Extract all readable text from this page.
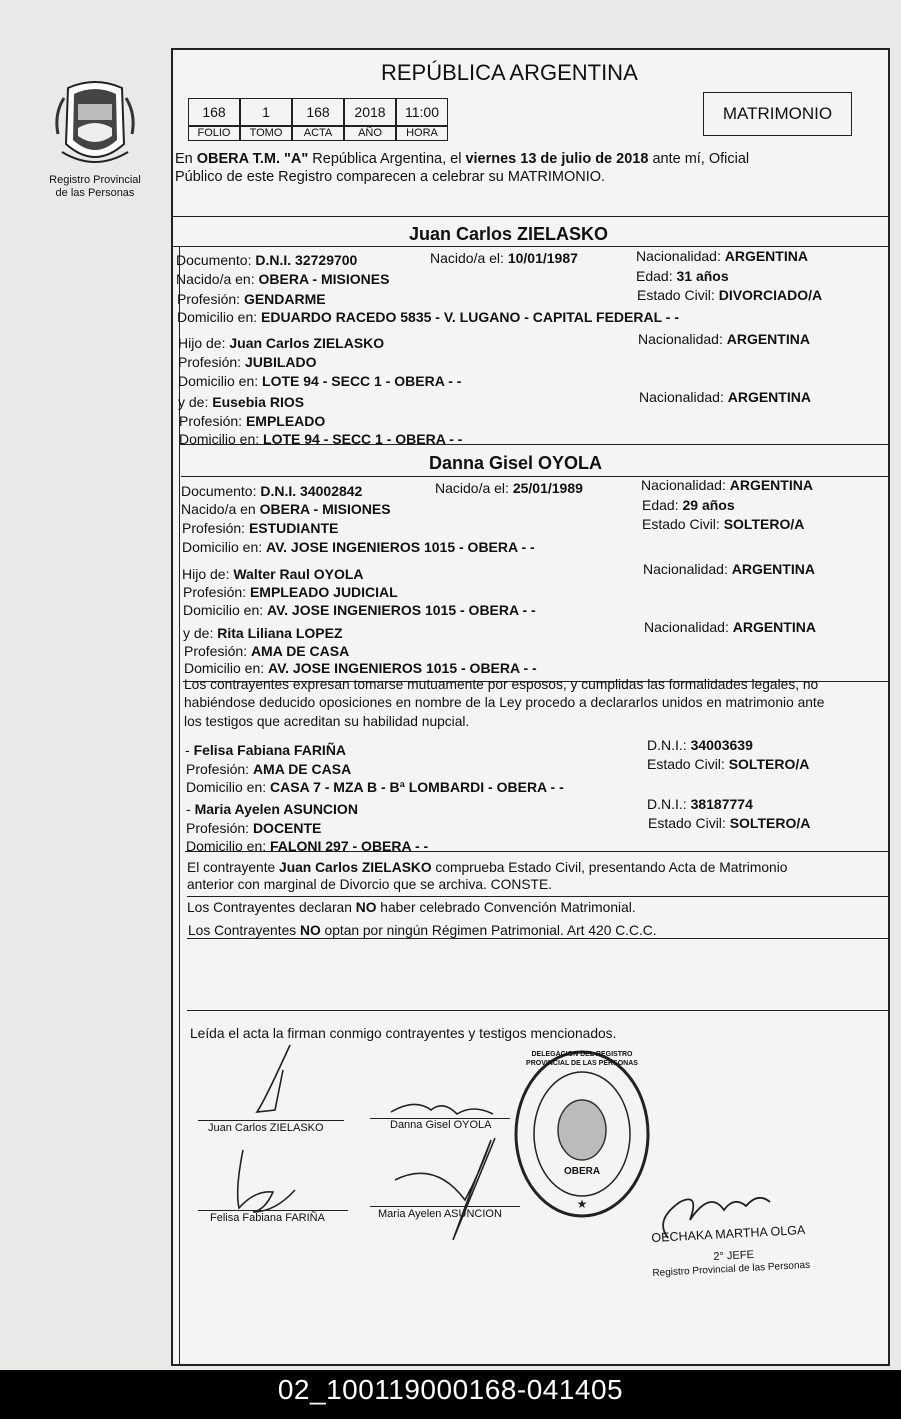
Registro Provincial
de las Personas
REPÚBLICA ARGENTINA
168	1	168	2018	11:00
FOLIO	TOMO	ACTA	AÑO	HORA
MATRIMONIO
En OBERA T.M. "A" República Argentina, el viernes 13 de julio de 2018 ante mí, Oficial
Público de este Registro comparecen a celebrar su MATRIMONIO.
Juan Carlos ZIELASKO
Documento: D.N.I. 32729700	Nacido/a el: 10/01/1987	Nacionalidad: ARGENTINA
Nacido/a en: OBERA - MISIONES	Edad: 31 años
Profesión: GENDARME	Estado Civil: DIVORCIADO/A
Domicilio en: EDUARDO RACEDO 5835 - V. LUGANO - CAPITAL FEDERAL - -
Hijo de: Juan Carlos ZIELASKO	Nacionalidad: ARGENTINA
Profesión: JUBILADO
Domicilio en: LOTE 94 - SECC 1 - OBERA - -
y de: Eusebia RIOS	Nacionalidad: ARGENTINA
Profesión: EMPLEADO
Domicilio en: LOTE 94 - SECC 1 - OBERA - -
Danna Gisel OYOLA
Documento: D.N.I. 34002842	Nacido/a el: 25/01/1989	Nacionalidad: ARGENTINA
Nacido/a en OBERA - MISIONES	Edad: 29 años
Profesión: ESTUDIANTE	Estado Civil: SOLTERO/A
Domicilio en: AV. JOSE INGENIEROS 1015 - OBERA - -
Hijo de: Walter Raul OYOLA	Nacionalidad: ARGENTINA
Profesión: EMPLEADO JUDICIAL
Domicilio en: AV. JOSE INGENIEROS 1015 - OBERA - -
y de: Rita Liliana LOPEZ	Nacionalidad: ARGENTINA
Profesión: AMA DE CASA
Domicilio en: AV. JOSE INGENIEROS 1015 - OBERA - -
Los contrayentes expresan tomarse mutuamente por esposos, y cumplidas las formalidades legales, no
habiéndose deducido oposiciones en nombre de la Ley procedo a declararlos unidos en matrimonio ante
los testigos que acreditan su habilidad nupcial.
- Felisa Fabiana FARIÑA	D.N.I.: 34003639
Profesión: AMA DE CASA	Estado Civil: SOLTERO/A
Domicilio en: CASA 7 - MZA B - Bª LOMBARDI - OBERA - -
- Maria Ayelen ASUNCION	D.N.I.: 38187774
Profesión: DOCENTE	Estado Civil: SOLTERO/A
Domicilio en: FALONI 297 - OBERA - -
El contrayente Juan Carlos ZIELASKO comprueba Estado Civil, presentando Acta de Matrimonio
anterior con marginal de Divorcio que se archiva. CONSTE.
Los Contrayentes declaran NO haber celebrado Convención Matrimonial.
Los Contrayentes NO optan por ningún Régimen Patrimonial. Art 420 C.C.C.
Leída el acta la firman conmigo contrayentes y testigos mencionados.
Juan Carlos ZIELASKO	Danna Gisel OYOLA
Felisa Fabiana FARIÑA	Maria Ayelen ASUNCION
★
DELEGACION DEL REGISTRO PROVINCIAL DE LAS PERSONAS
OBERA
OECHAKA MARTHA OLGA
2° JEFE
Registro Provincial de las Personas
02_100119000168-041405
